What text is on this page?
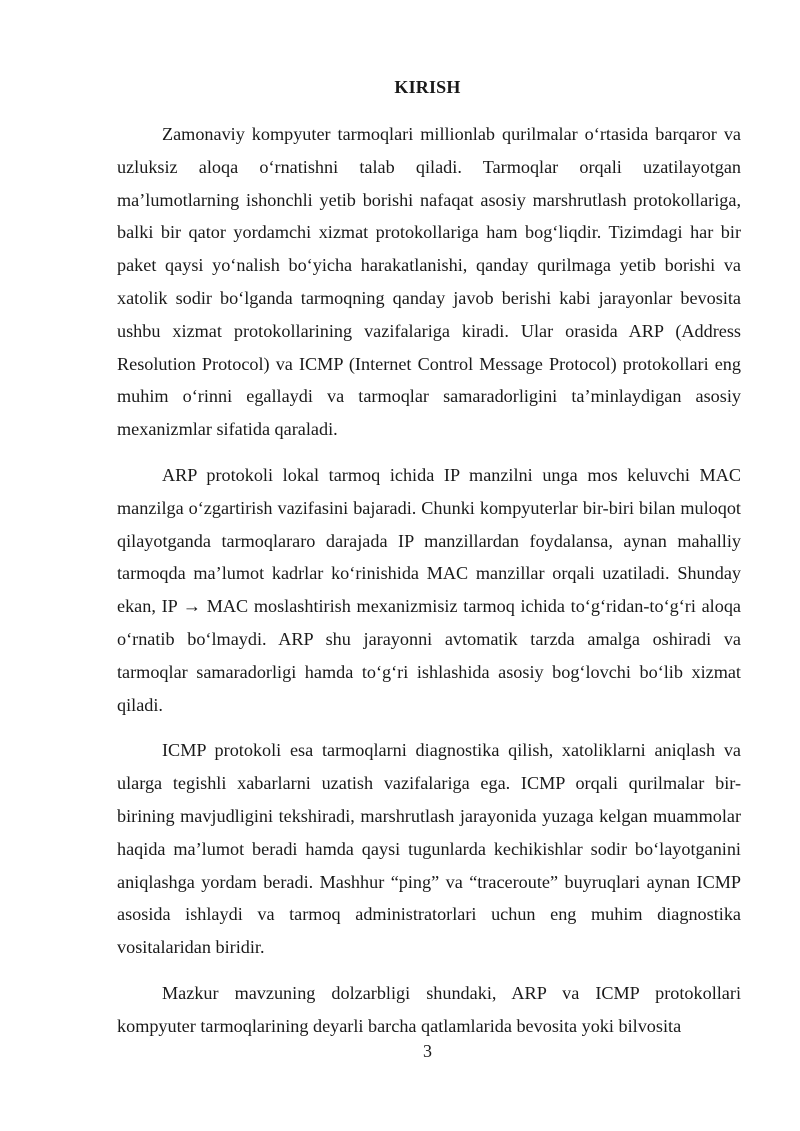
KIRISH

Zamonaviy kompyuter tarmoqlari millionlab qurilmalar o‘rtasida barqaror va uzluksiz aloqa o‘rnatishni talab qiladi. Tarmoqlar orqali uzatilayotgan ma’lumotlarning ishonchli yetib borishi nafaqat asosiy marshrutlash protokollariga, balki bir qator yordamchi xizmat protokollariga ham bog‘liqdir. Tizimdagi har bir paket qaysi yo‘nalish bo‘yicha harakatlanishi, qanday qurilmaga yetib borishi va xatolik sodir bo‘lganda tarmoqning qanday javob berishi kabi jarayonlar bevosita ushbu xizmat protokollarining vazifalariga kiradi. Ular orasida ARP (Address Resolution Protocol) va ICMP (Internet Control Message Protocol) protokollari eng muhim o‘rinni egallaydi va tarmoqlar samaradorligini ta’minlaydigan asosiy mexanizmlar sifatida qaraladi.

ARP protokoli lokal tarmoq ichida IP manzilni unga mos keluvchi MAC manzilga o‘zgartirish vazifasini bajaradi. Chunki kompyuterlar bir-biri bilan muloqot qilayotganda tarmoqlararo darajada IP manzillardan foydalansa, aynan mahalliy tarmoqda ma’lumot kadrlar ko‘rinishida MAC manzillar orqali uzatiladi. Shunday ekan, IP → MAC moslashtirish mexanizmisiz tarmoq ichida to‘g‘ridan-to‘g‘ri aloqa o‘rnatib bo‘lmaydi. ARP shu jarayonni avtomatik tarzda amalga oshiradi va tarmoqlar samaradorligi hamda to‘g‘ri ishlashida asosiy bog‘lovchi bo‘lib xizmat qiladi.

ICMP protokoli esa tarmoqlarni diagnostika qilish, xatoliklarni aniqlash va ularga tegishli xabarlarni uzatish vazifalariga ega. ICMP orqali qurilmalar bir-birining mavjudligini tekshiradi, marshrutlash jarayonida yuzaga kelgan muammolar haqida ma’lumot beradi hamda qaysi tugunlarda kechikishlar sodir bo‘layotganini aniqlashga yordam beradi. Mashhur “ping” va “traceroute” buyruqlari aynan ICMP asosida ishlaydi va tarmoq administratorlari uchun eng muhim diagnostika vositalaridan biridir.

Mazkur mavzuning dolzarbligi shundaki, ARP va ICMP protokollari kompyuter tarmoqlarining deyarli barcha qatlamlarida bevosita yoki bilvosita

3
